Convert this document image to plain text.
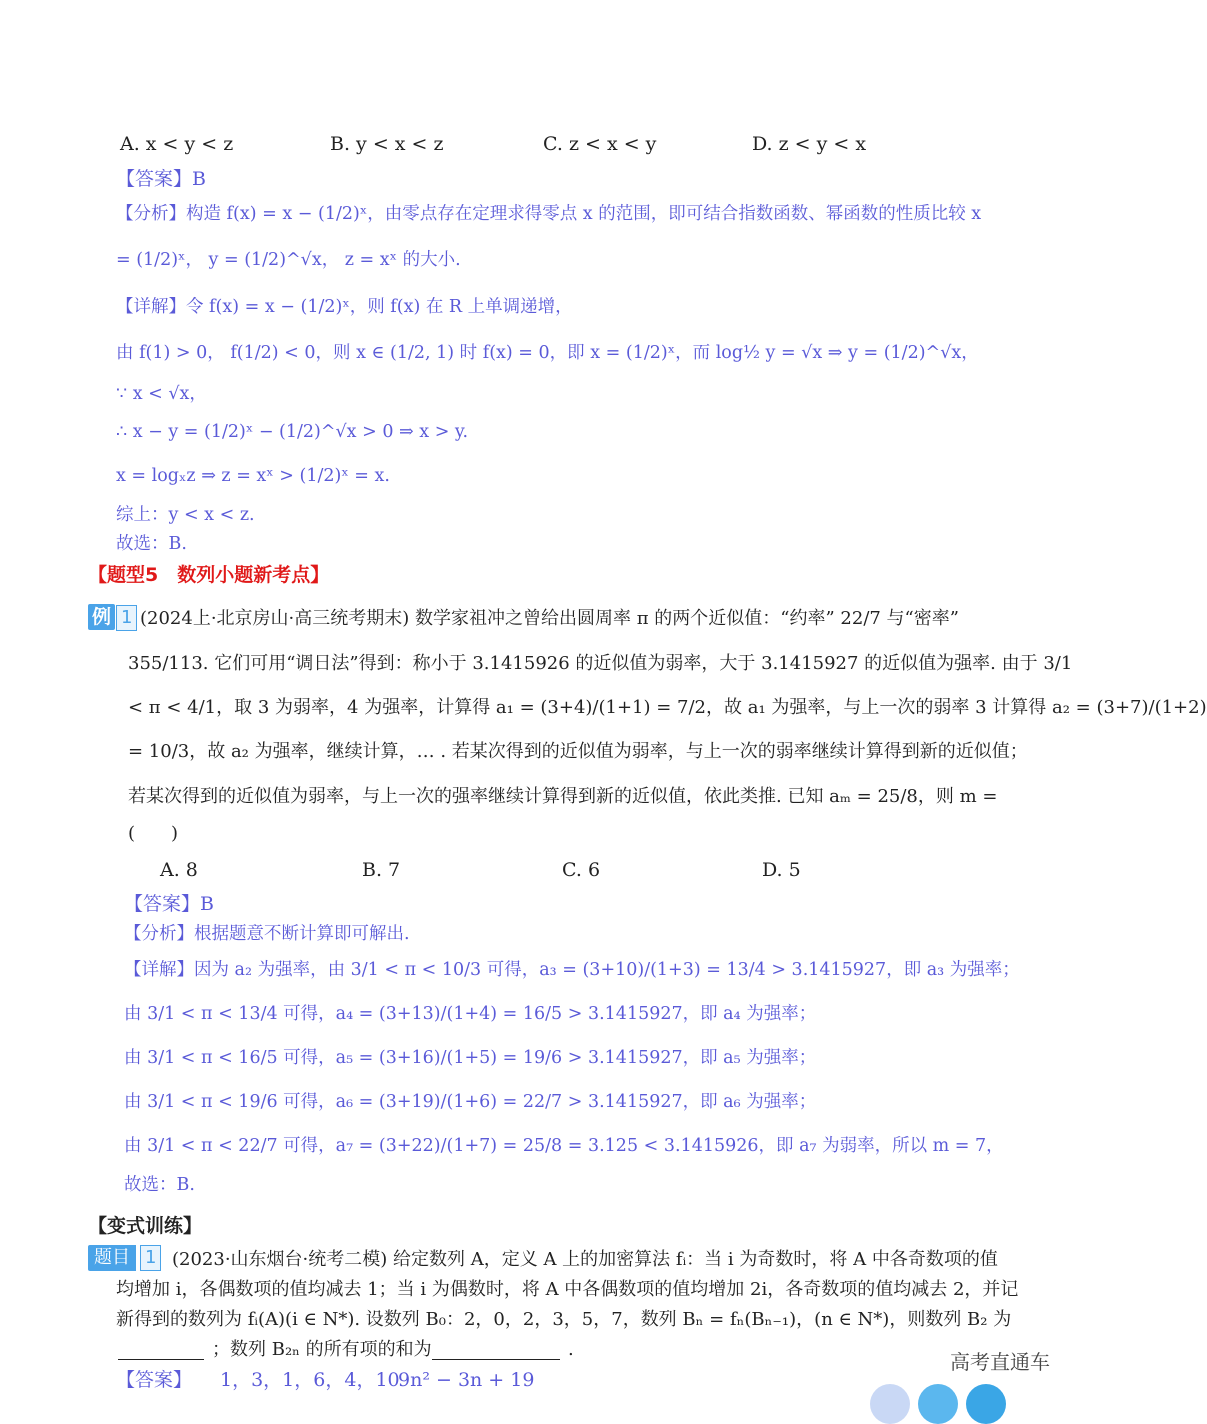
A. x < y < z	B. y < x < z	C. z < x < y	D. z < y < x
【答案】B
【分析】构造 f(x) = x − (1/2)ˣ，由零点存在定理求得零点 x 的范围，即可结合指数函数、幂函数的性质比较 x
= (1/2)ˣ， y = (1/2)^√x， z = xˣ 的大小.
【详解】令 f(x) = x − (1/2)ˣ，则 f(x) 在 R 上单调递增，
由 f(1) > 0， f(1/2) < 0，则 x ∈ (1/2, 1) 时 f(x) = 0，即 x = (1/2)ˣ，而 log½ y = √x ⇒ y = (1/2)^√x，
∵ x < √x，
∴ x − y = (1/2)ˣ − (1/2)^√x > 0 ⇒ x > y.
x = logₓz ⇒ z = xˣ > (1/2)ˣ = x.
综上：y < x < z.
故选：B.
【题型5　数列小题新考点】
例 1 (2024上·北京房山·高三统考期末) 数学家祖冲之曾给出圆周率 π 的两个近似值：“约率” 22/7 与“密率”
355/113. 它们可用“调日法”得到：称小于 3.1415926 的近似值为弱率，大于 3.1415927 的近似值为强率. 由于 3/1
< π < 4/1，取 3 为弱率，4 为强率，计算得 a₁ = (3+4)/(1+1) = 7/2，故 a₁ 为强率，与上一次的弱率 3 计算得 a₂ = (3+7)/(1+2)
= 10/3，故 a₂ 为强率，继续计算，… . 若某次得到的近似值为弱率，与上一次的弱率继续计算得到新的近似值；
若某次得到的近似值为弱率，与上一次的强率继续计算得到新的近似值，依此类推. 已知 aₘ = 25/8，则 m =
(　　)
A. 8	B. 7	C. 6	D. 5
【答案】B
【分析】根据题意不断计算即可解出.
【详解】因为 a₂ 为强率，由 3/1 < π < 10/3 可得，a₃ = (3+10)/(1+3) = 13/4 > 3.1415927，即 a₃ 为强率；
由 3/1 < π < 13/4 可得，a₄ = (3+13)/(1+4) = 16/5 > 3.1415927，即 a₄ 为强率；
由 3/1 < π < 16/5 可得，a₅ = (3+16)/(1+5) = 19/6 > 3.1415927，即 a₅ 为强率；
由 3/1 < π < 19/6 可得，a₆ = (3+19)/(1+6) = 22/7 > 3.1415927，即 a₆ 为强率；
由 3/1 < π < 22/7 可得，a₇ = (3+22)/(1+7) = 25/8 = 3.125 < 3.1415926，即 a₇ 为弱率，所以 m = 7，
故选：B.
【变式训练】
题目 1 (2023·山东烟台·统考二模) 给定数列 A，定义 A 上的加密算法 fᵢ：当 i 为奇数时，将 A 中各奇数项的值
均增加 i，各偶数项的值均减去 1；当 i 为偶数时，将 A 中各偶数项的值均增加 2i，各奇数项的值均减去 2，并记
新得到的数列为 fᵢ(A)(i ∈ N*). 设数列 B₀：2，0，2，3，5，7，数列 Bₙ = fₙ(Bₙ₋₁)，(n ∈ N*)，则数列 B₂ 为
；数列 B₂ₙ 的所有项的和为	.
【答案】 1，3，1，6，4，10
9n² − 3n + 19
高考直通车
